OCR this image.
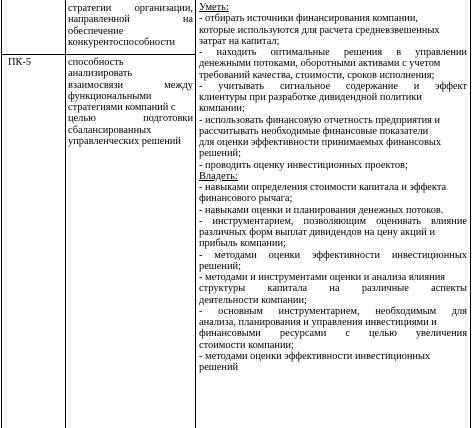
стратегии организации,
направленной на
обеспечение
конкурентоспособности
ПК-5	способность
анализировать
взаимосвязи между
функциональными
стратегиями компаний с
целью подготовки
сбалансированных
управленческих решений
Уметь:
- отбирать источники финансирования компании,
которые используются для расчета средневзвешенных
затрат на капитал;
- находить оптимальные решения в управлении
денежными потоками, оборотными активами с учетом
требований качества, стоимости, сроков исполнения;
- учитывать сигнальное содержание и эффект
клиентуры при разработке дивидендной политики
компании;
- использовать финансовую отчетность предприятия и
рассчитывать необходимые финансовые показатели
для оценки эффективности принимаемых финансовых
решений;
- проводить оценку инвестиционных проектов;
Владеть:
- навыками определения стоимости капитала и эффекта
финансового рычага;
- навыками оценки и планирования денежных потоков.
- инструментарием, позволяющим оценивать влияние
различных форм выплат дивидендов на цену акций и
прибыль компании;
- методами оценки эффективности инвестиционных
решений;
- методами и инструментами оценки и анализа влияния
структуры капитала на различные аспекты
деятельности компании;
- основным инструментарием, необходимым для
анализа, планирования и управления инвестициями и
финансовыми ресурсами с целью увеличения
стоимости компании;
- методами оценки эффективности инвестиционных
решений
